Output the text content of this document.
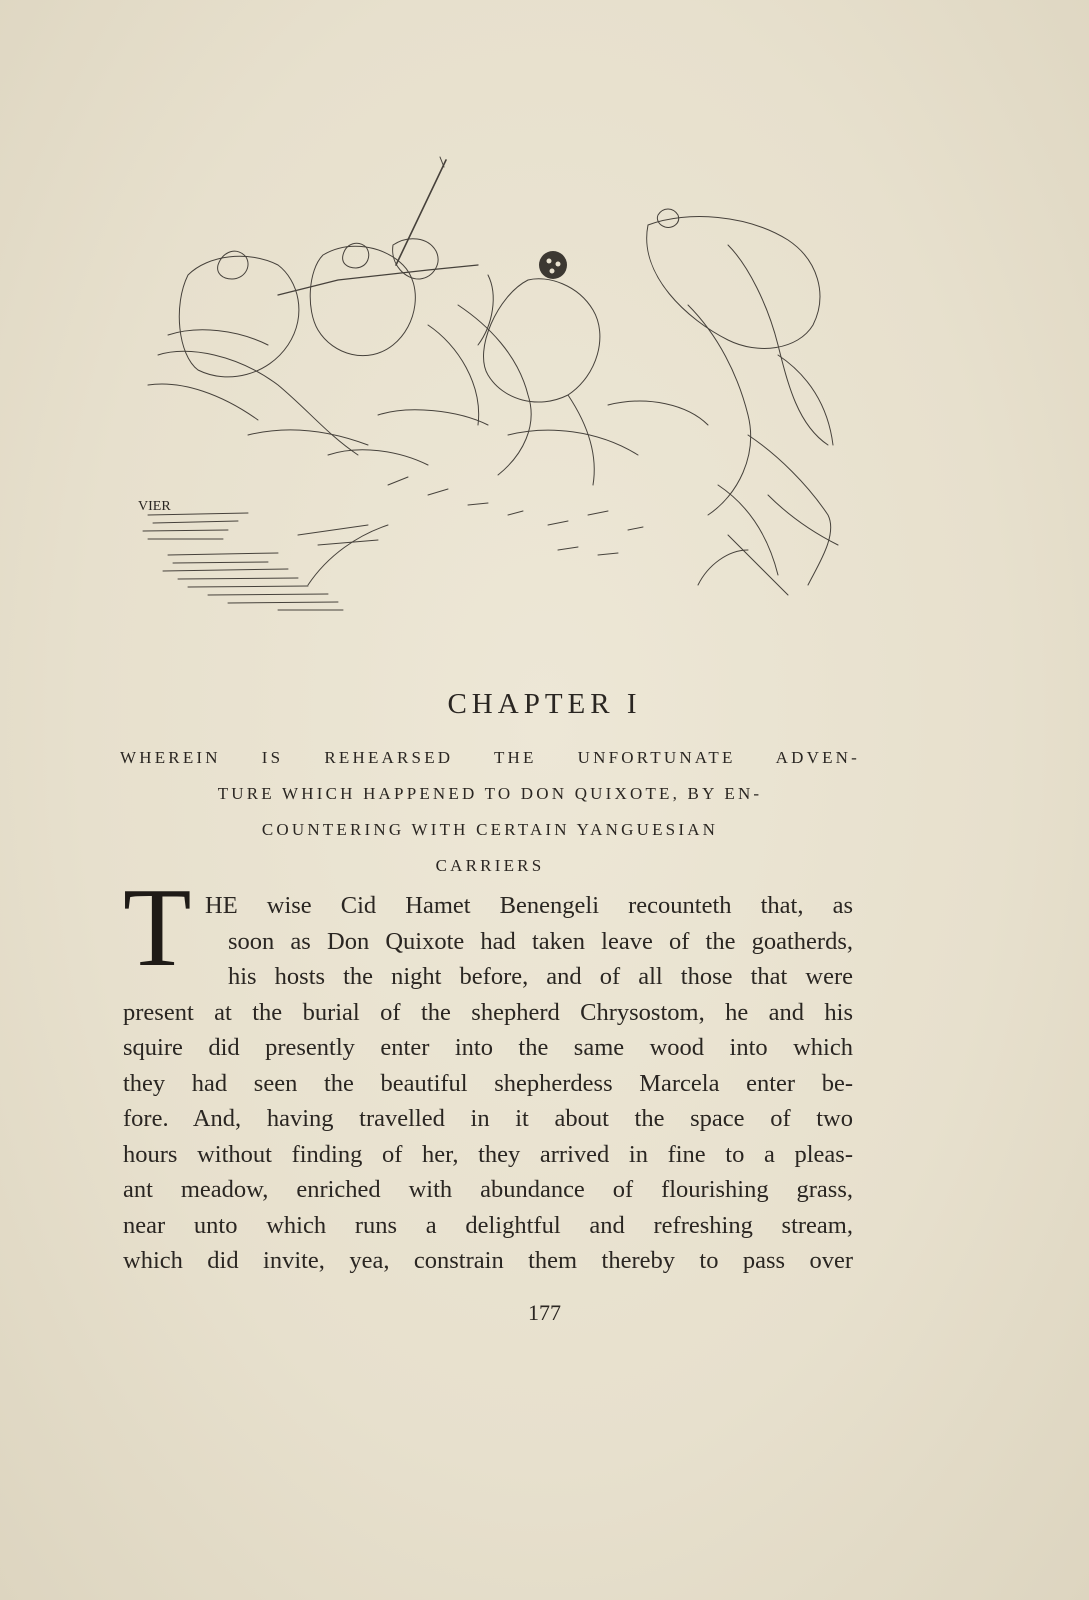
VIER
CHAPTER I
WHEREIN IS REHEARSED THE UNFORTUNATE ADVEN-
TURE WHICH HAPPENED TO DON QUIXOTE, BY EN-
COUNTERING WITH CERTAIN YANGUESIAN
CARRIERS
T HE wise Cid Hamet Benengeli recounteth that, as
soon as Don Quixote had taken leave of the goatherds,
his hosts the night before, and of all those that were
present at the burial of the shepherd Chrysostom, he and his
squire did presently enter into the same wood into which
they had seen the beautiful shepherdess Marcela enter be-
fore. And, having travelled in it about the space of two
hours without finding of her, they arrived in fine to a pleas-
ant meadow, enriched with abundance of flourishing grass,
near unto which runs a delightful and refreshing stream,
which did invite, yea, constrain them thereby to pass over
177
